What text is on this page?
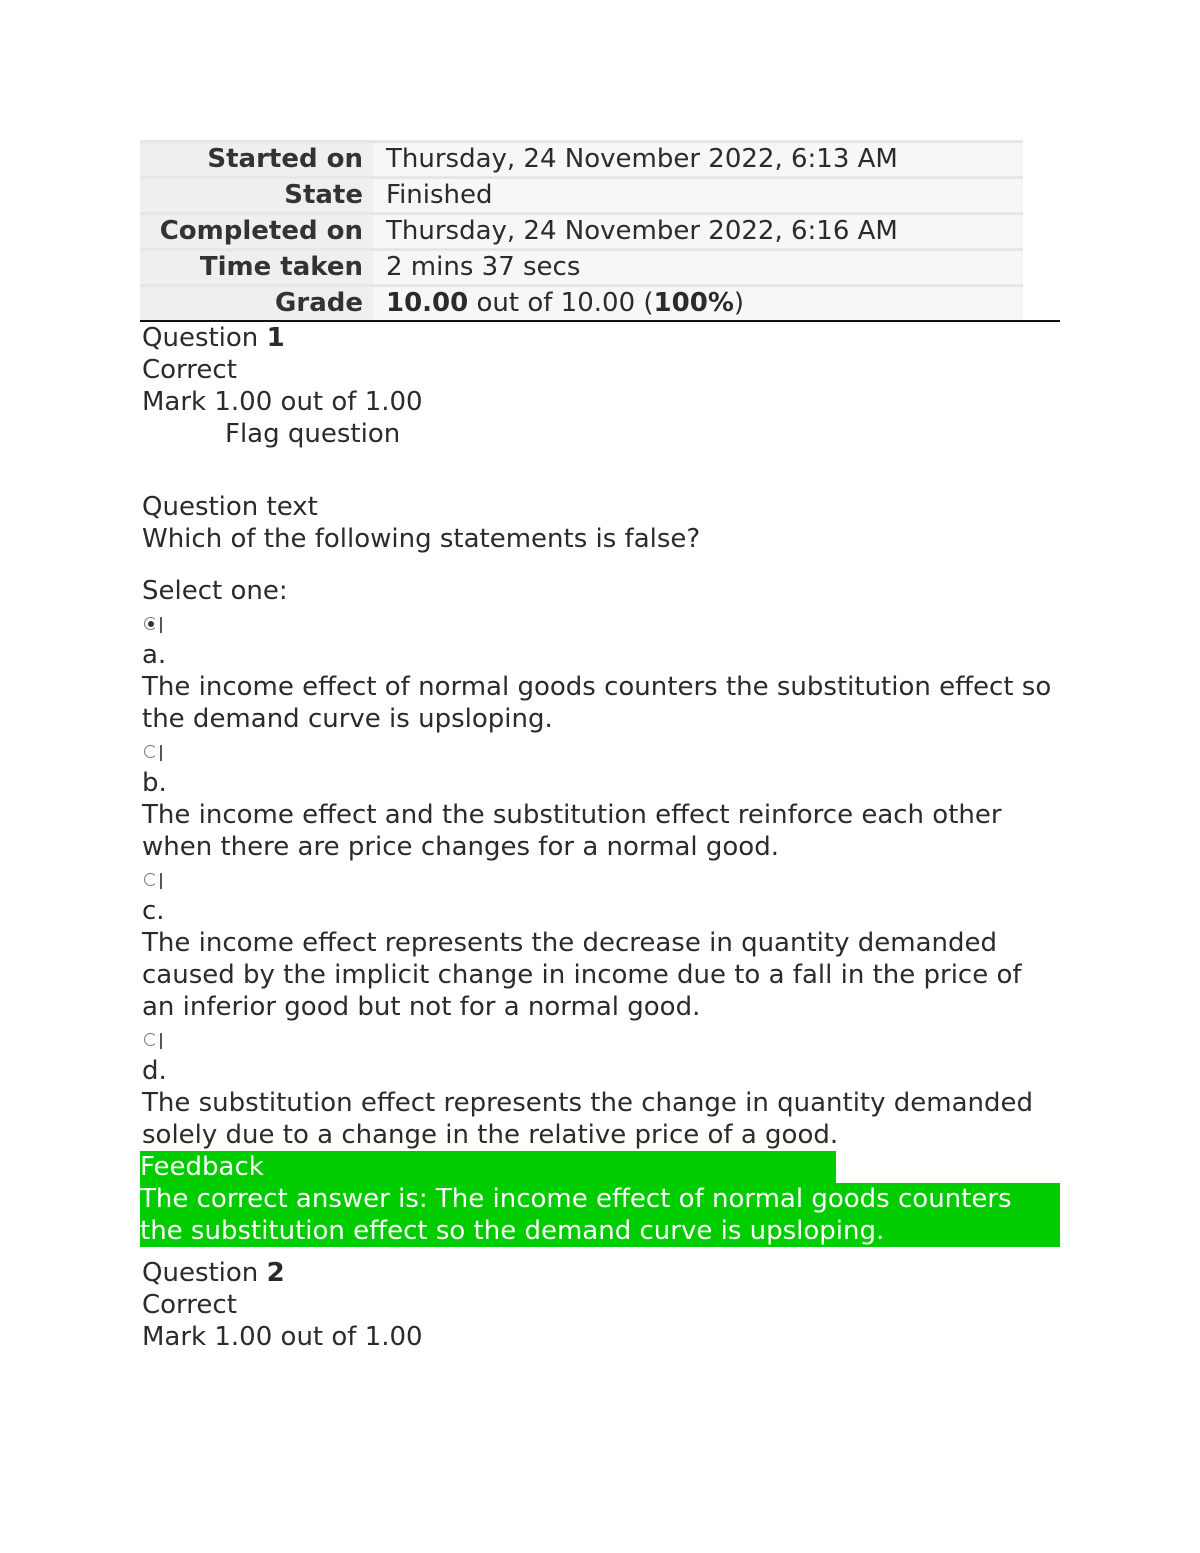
Started on	Thursday, 24 November 2022, 6:13 AM
State	Finished
Completed on	Thursday, 24 November 2022, 6:16 AM
Time taken	2 mins 37 secs
Grade	10.00 out of 10.00 (100%)
Question 1
Correct
Mark 1.00 out of 1.00
Flag question
Question text
Which of the following statements is false?
Select one:
a.
The income effect of normal goods counters the substitution effect so the demand curve is upsloping.
b.
The income effect and the substitution effect reinforce each other when there are price changes for a normal good.
c.
The income effect represents the decrease in quantity demanded caused by the implicit change in income due to a fall in the price of an inferior good but not for a normal good.
d.
The substitution effect represents the change in quantity demanded solely due to a change in the relative price of a good.
Feedback
The correct answer is: The income effect of normal goods counters the substitution effect so the demand curve is upsloping.
Question 2
Correct
Mark 1.00 out of 1.00
